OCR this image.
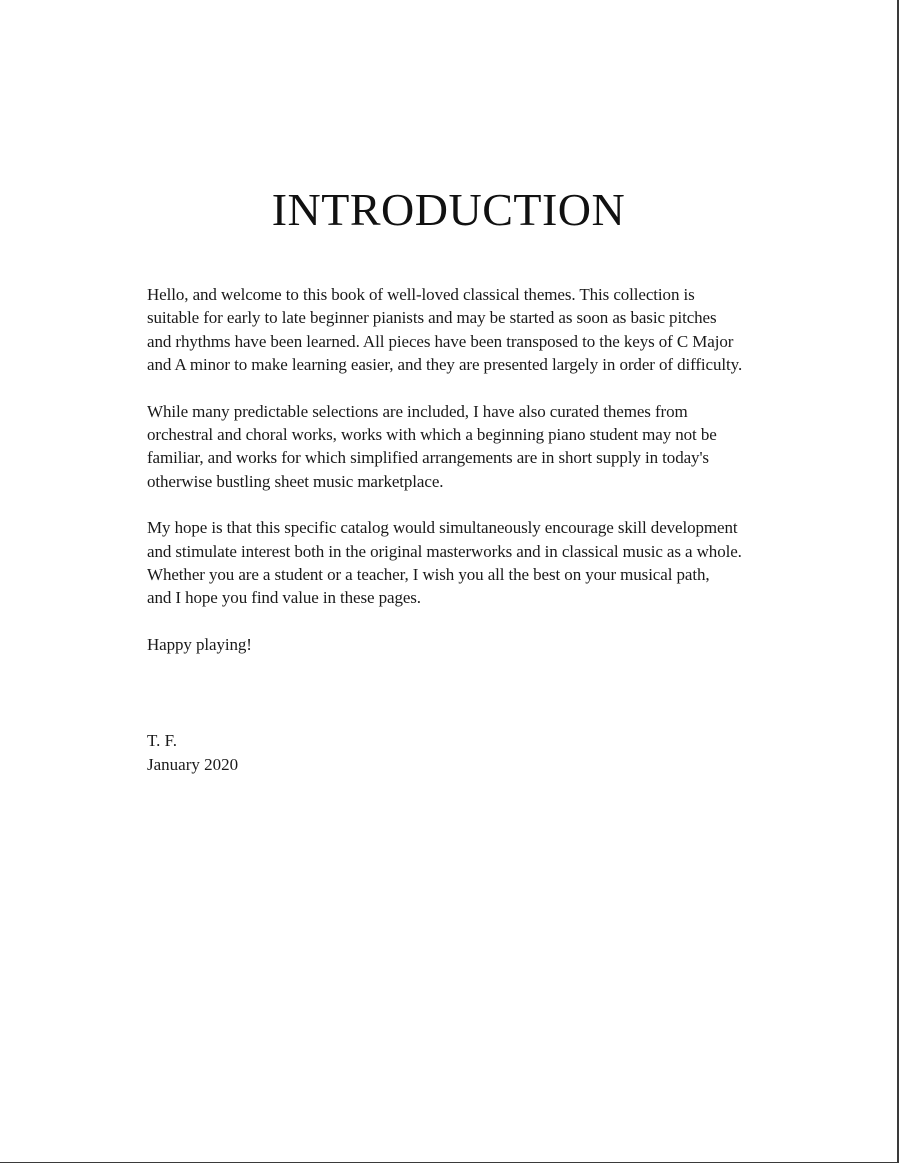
INTRODUCTION

Hello, and welcome to this book of well-loved classical themes. This collection is
suitable for early to late beginner pianists and may be started as soon as basic pitches
and rhythms have been learned. All pieces have been transposed to the keys of C Major
and A minor to make learning easier, and they are presented largely in order of difficulty.

While many predictable selections are included, I have also curated themes from
orchestral and choral works, works with which a beginning piano student may not be
familiar, and works for which simplified arrangements are in short supply in today's
otherwise bustling sheet music marketplace.

My hope is that this specific catalog would simultaneously encourage skill development
and stimulate interest both in the original masterworks and in classical music as a whole.
Whether you are a student or a teacher, I wish you all the best on your musical path,
and I hope you find value in these pages.

Happy playing!

T. F.
January 2020
